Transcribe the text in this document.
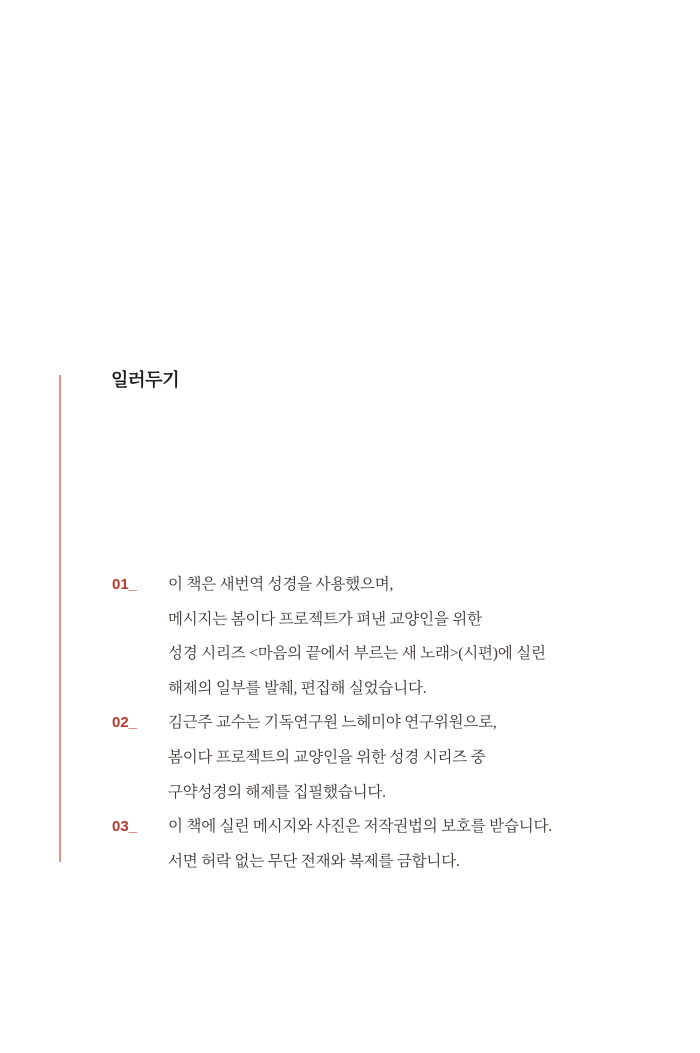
일러두기
01_	이 책은 새번역 성경을 사용했으며,

메시지는 봄이다 프로젝트가 펴낸 교양인을 위한

성경 시리즈 <마음의 끝에서 부르는 새 노래>(시편)에 실린

해제의 일부를 발췌, 편집해 실었습니다.

02_	김근주 교수는 기독연구원 느헤미야 연구위원으로,

봄이다 프로젝트의 교양인을 위한 성경 시리즈 중

구약성경의 해제를 집필했습니다.

03_	이 책에 실린 메시지와 사진은 저작권법의 보호를 받습니다.

서면 허락 없는 무단 전재와 복제를 금합니다.
